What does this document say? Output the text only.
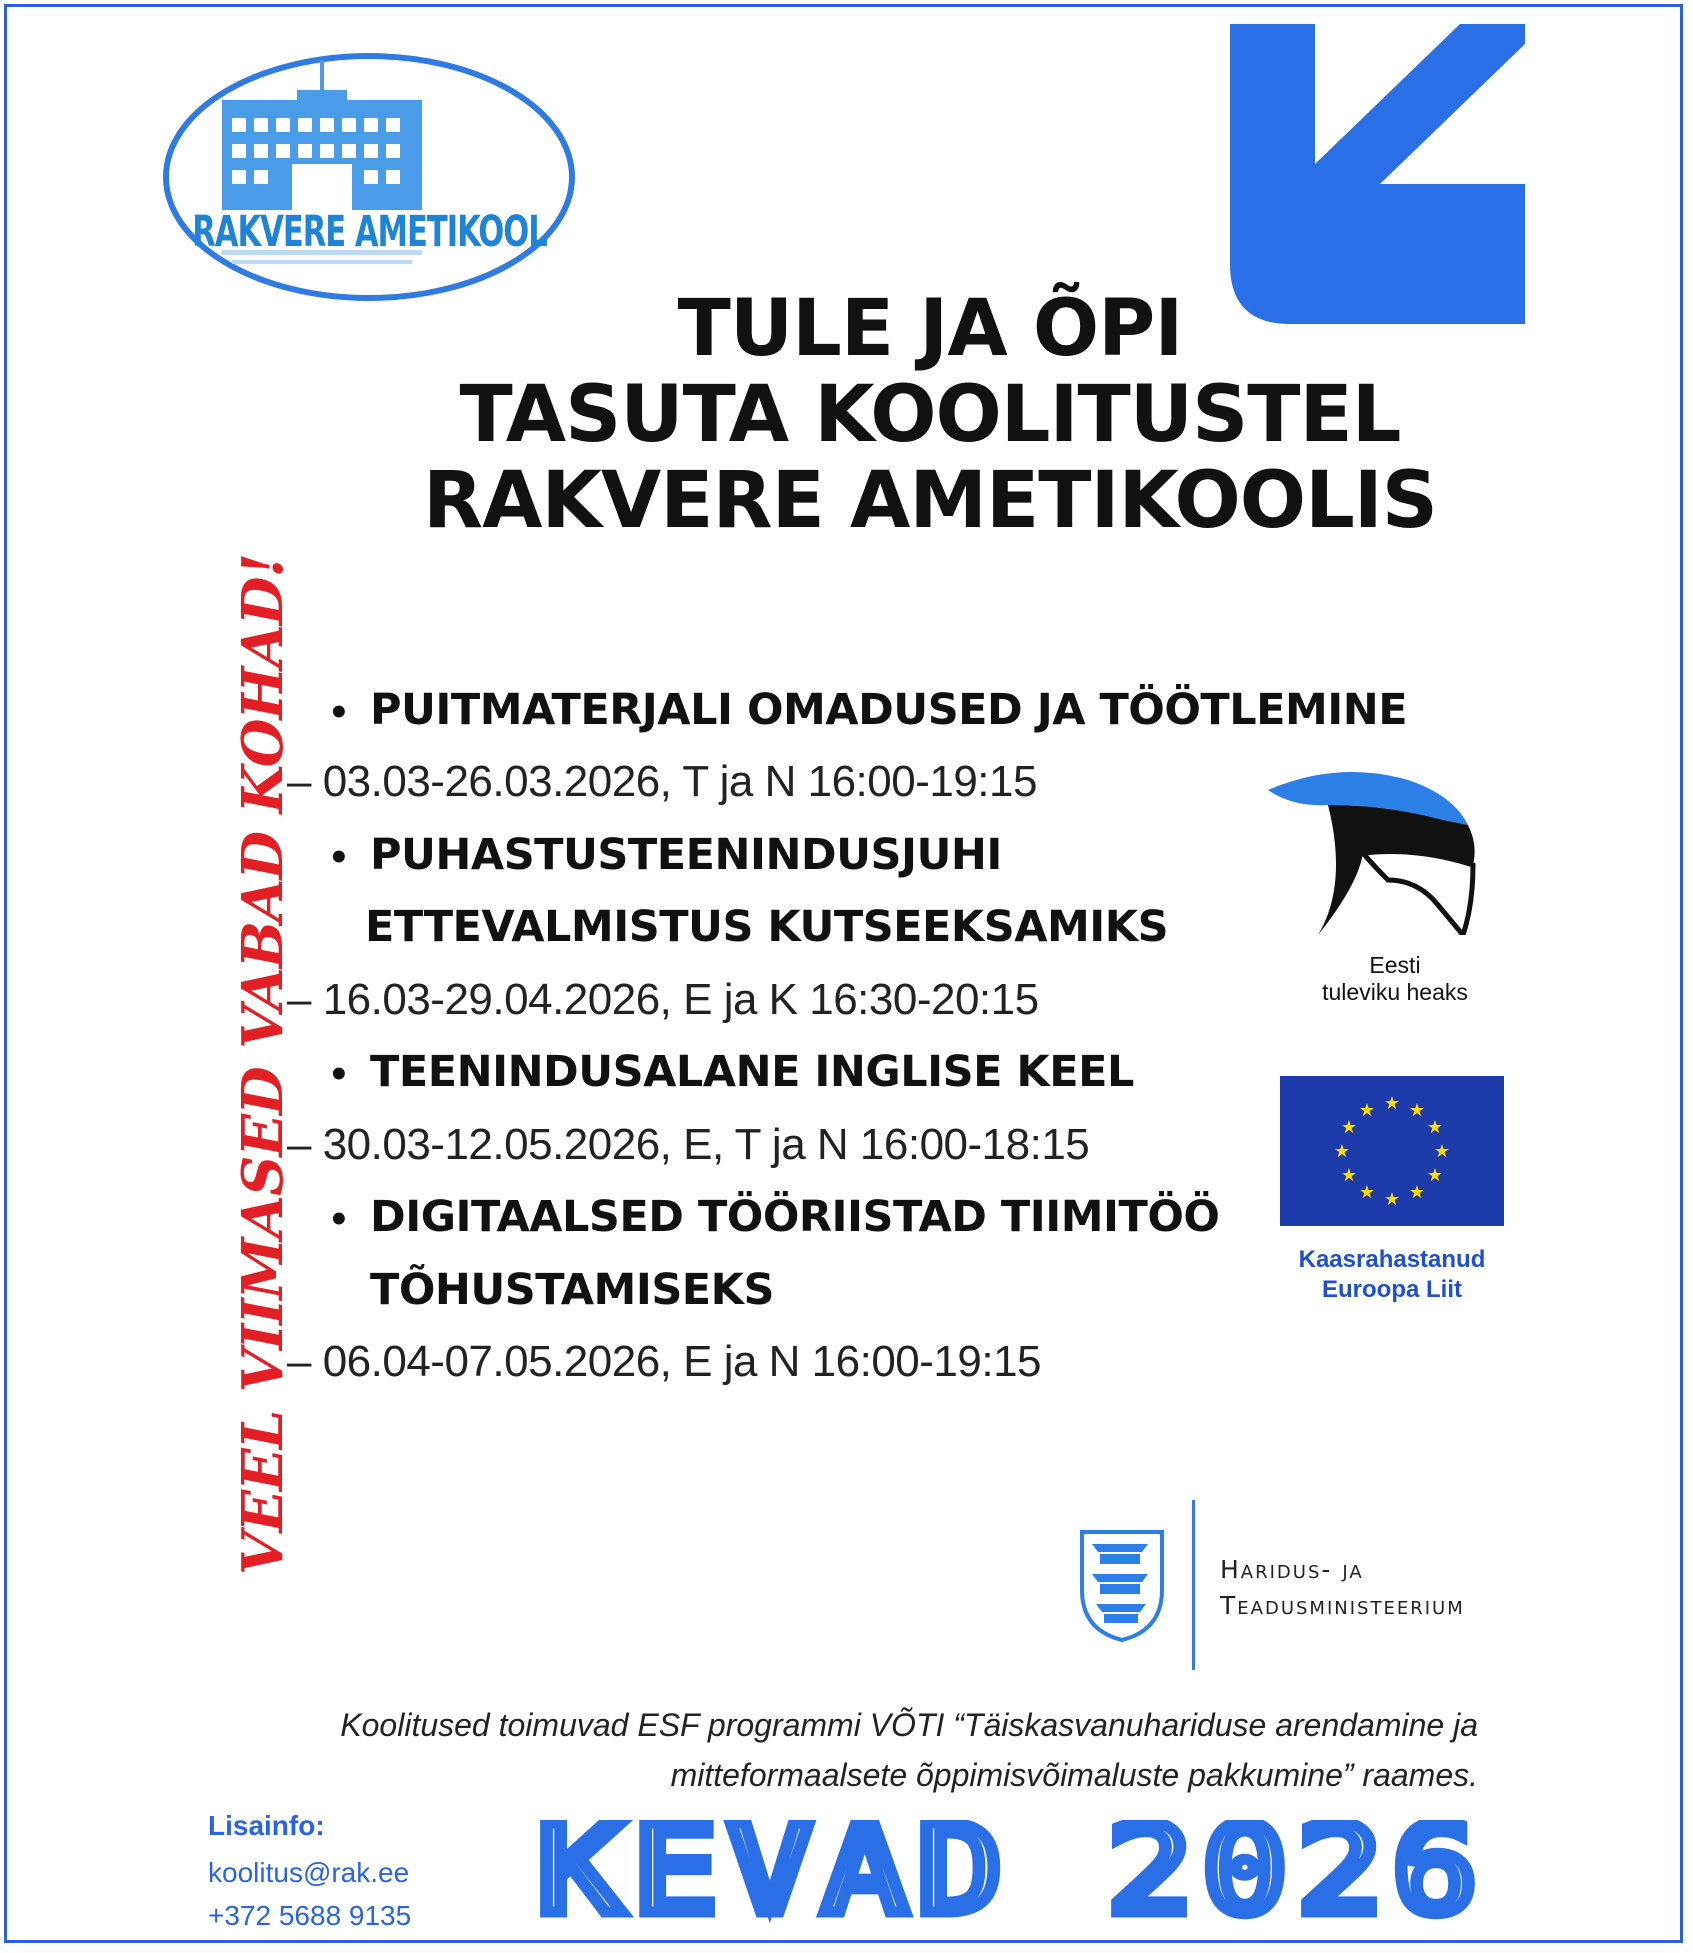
RAKVERE AMETIKOOL
TULE JA ÕPI
TASUTA KOOLITUSTEL
RAKVERE AMETIKOOLIS
VEEL VIIMASED VABAD KOHAD! • PUITMATERJALI OMADUSED JA TÖÖTLEMINE
– 03.03-26.03.2026, T ja N 16:00-19:15
• PUHASTUSTEENINDUSJUHI
ETTEVALMISTUS KUTSEEKSAMIKS
– 16.03-29.04.2026, E ja K 16:30-20:15
• TEENINDUSALANE INGLISE KEEL
– 30.03-12.05.2026, E, T ja N 16:00-18:15
• DIGITAALSED TÖÖRIISTAD TIIMITÖÖ
TÕHUSTAMISEKS
– 06.04-07.05.2026, E ja N 16:00-19:15
Eesti
tuleviku heaks
★ ★
★
★
★
★
★
★
★
★
★
★
Kaasrahastanud
Euroopa Liit
Haridus- ja
Teadusministeerium
Koolitused toimuvad ESF programmi VÕTI “Täiskasvanuhariduse arendamine ja
mitteformaalsete õppimisvõimaluste pakkumine” raames.
Lisainfo:
koolitus@rak.ee
+372 5688 9135 KEVAD 2026
